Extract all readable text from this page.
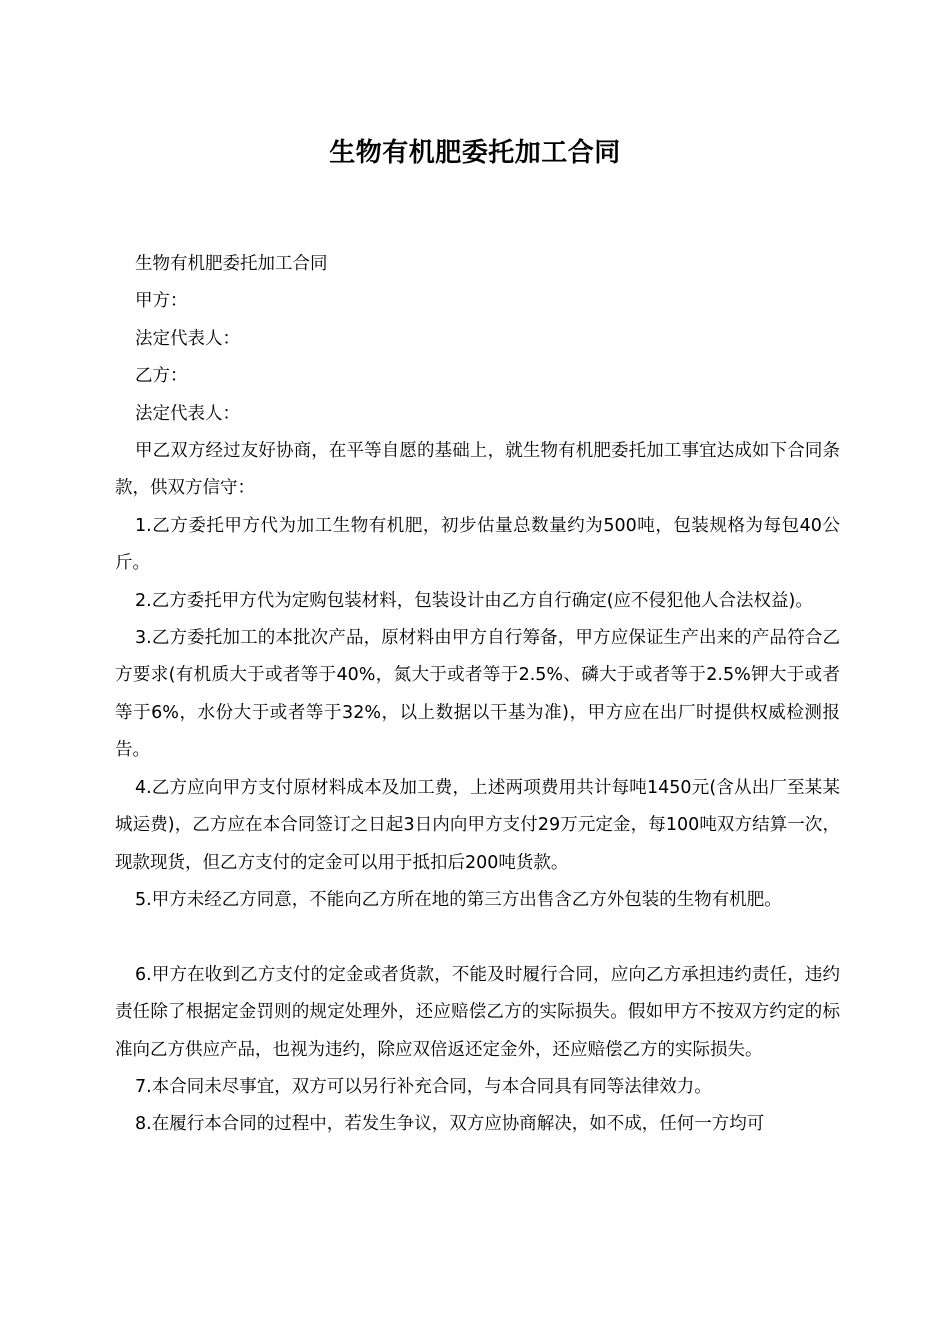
生物有机肥委托加工合同

生物有机肥委托加工合同

甲方：

法定代表人：

乙方：

法定代表人：

甲乙双方经过友好协商，在平等自愿的基础上，就生物有机肥委托加工事宜达成如下合同条款，供双方信守：

1.乙方委托甲方代为加工生物有机肥，初步估量总数量约为500吨，包装规格为每包40公斤。

2.乙方委托甲方代为定购包装材料，包装设计由乙方自行确定(应不侵犯他人合法权益)。

3.乙方委托加工的本批次产品，原材料由甲方自行筹备，甲方应保证生产出来的产品符合乙方要求(有机质大于或者等于40%，氮大于或者等于2.5%、磷大于或者等于2.5%钾大于或者等于6%，水份大于或者等于32%，以上数据以干基为准)，甲方应在出厂时提供权威检测报告。

4.乙方应向甲方支付原材料成本及加工费，上述两项费用共计每吨1450元(含从出厂至某某城运费)，乙方应在本合同签订之日起3日内向甲方支付29万元定金，每100吨双方结算一次，现款现货，但乙方支付的定金可以用于抵扣后200吨货款。

5.甲方未经乙方同意，不能向乙方所在地的第三方出售含乙方外包装的生物有机肥。

6.甲方在收到乙方支付的定金或者货款，不能及时履行合同，应向乙方承担违约责任，违约责任除了根据定金罚则的规定处理外，还应赔偿乙方的实际损失。假如甲方不按双方约定的标准向乙方供应产品，也视为违约，除应双倍返还定金外，还应赔偿乙方的实际损失。

7.本合同未尽事宜，双方可以另行补充合同，与本合同具有同等法律效力。

8.在履行本合同的过程中，若发生争议，双方应协商解决，如不成，任何一方均可
